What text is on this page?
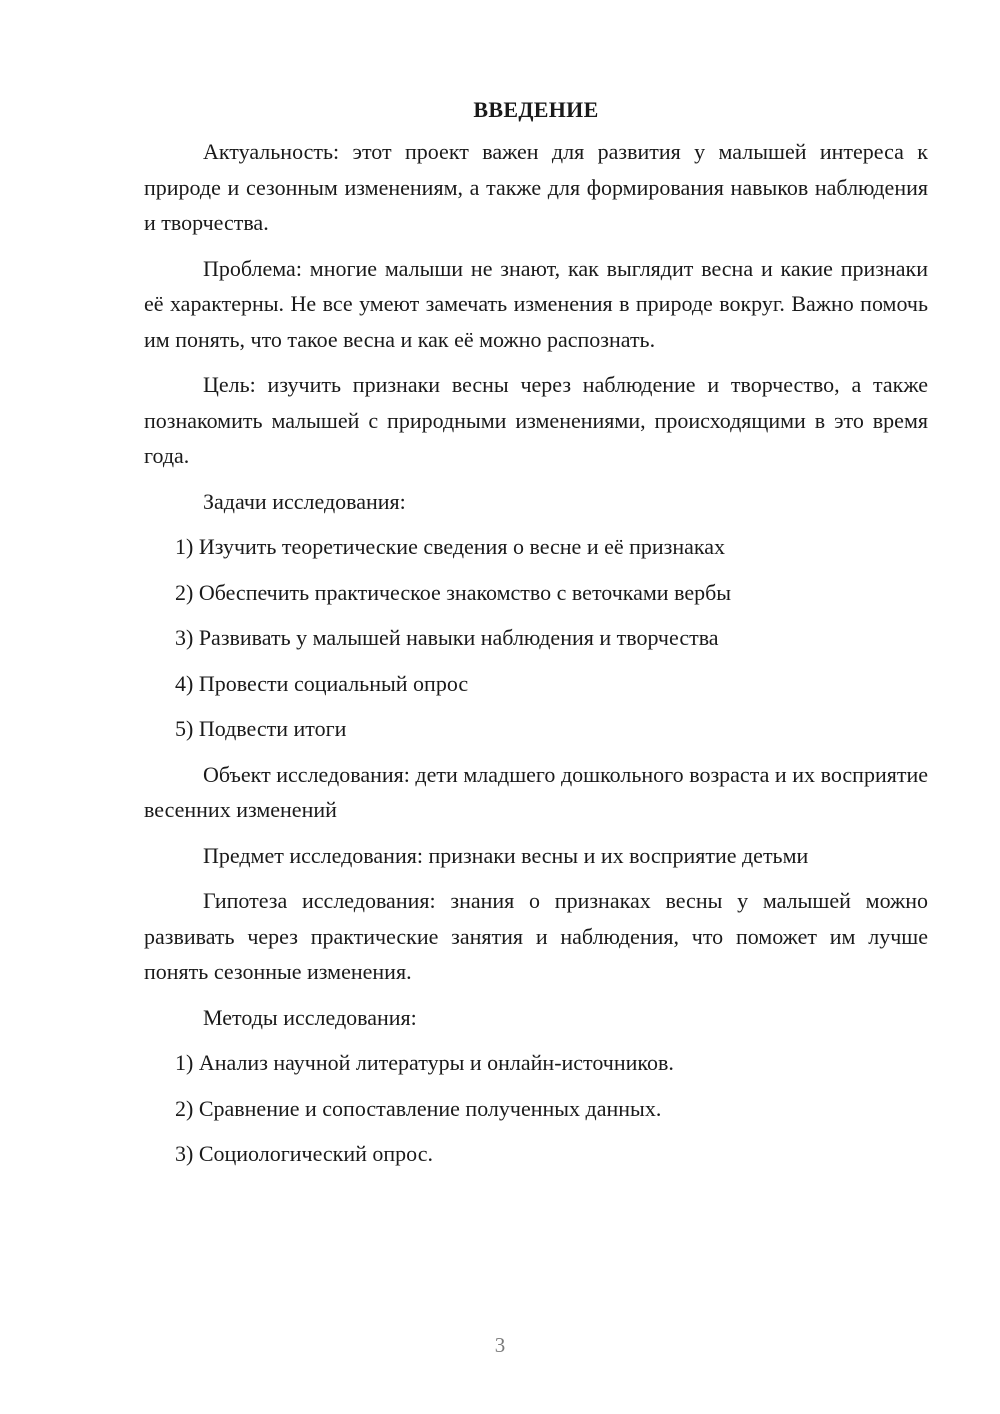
ВВЕДЕНИЕ

Актуальность: этот проект важен для развития у малышей интереса к природе и сезонным изменениям, а также для формирования навыков наблюдения и творчества.

Проблема: многие малыши не знают, как выглядит весна и какие признаки её характерны. Не все умеют замечать изменения в природе вокруг. Важно помочь им понять, что такое весна и как её можно распознать.

Цель: изучить признаки весны через наблюдение и творчество, а также познакомить малышей с природными изменениями, происходящими в это время года.

Задачи исследования:

1) Изучить теоретические сведения о весне и её признаках
2) Обеспечить практическое знакомство с веточками вербы
3) Развивать у малышей навыки наблюдения и творчества
4) Провести социальный опрос
5) Подвести итоги

Объект исследования: дети младшего дошкольного возраста и их восприятие весенних изменений

Предмет исследования: признаки весны и их восприятие детьми

Гипотеза исследования: знания о признаках весны у малышей можно развивать через практические занятия и наблюдения, что поможет им лучше понять сезонные изменения.

Методы исследования:

1) Анализ научной литературы и онлайн-источников.
2) Сравнение и сопоставление полученных данных.
3) Социологический опрос.
3
